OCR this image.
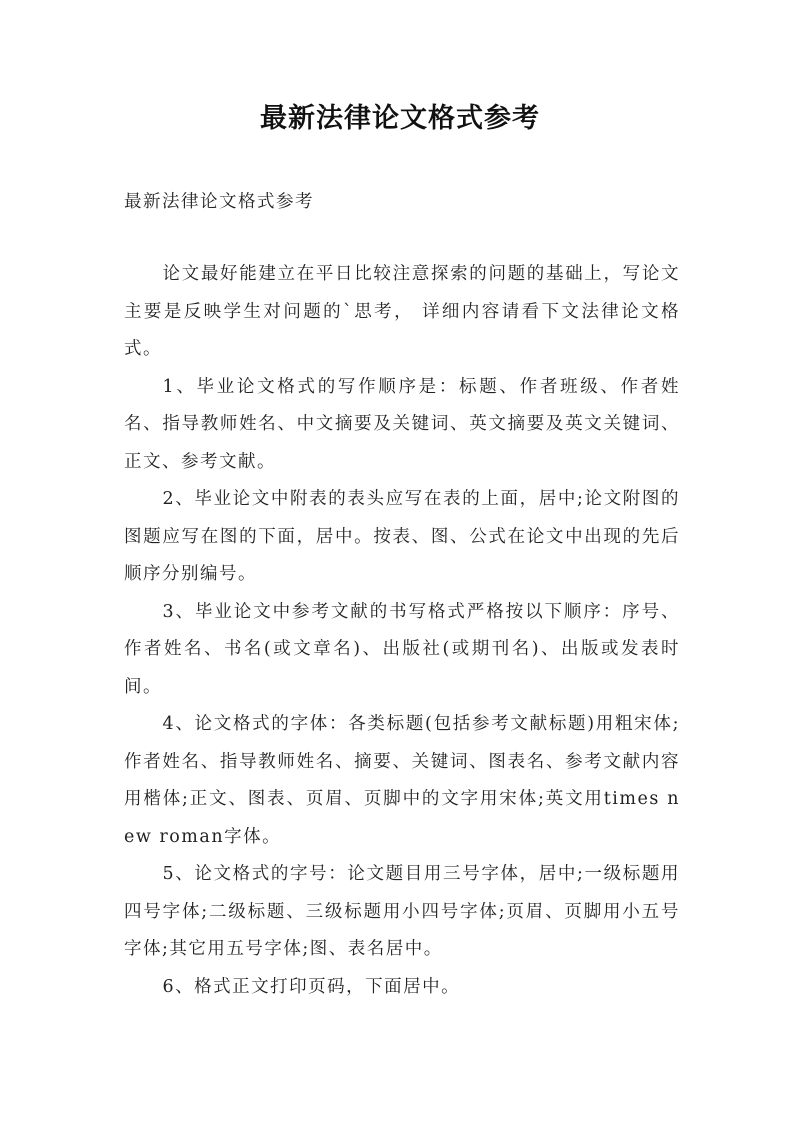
最新法律论文格式参考

最新法律论文格式参考

论文最好能建立在平日比较注意探索的问题的基础上，写论文主要是反映学生对问题的`思考， 详细内容请看下文法律论文格式。

1、毕业论文格式的写作顺序是：标题、作者班级、作者姓名、指导教师姓名、中文摘要及关键词、英文摘要及英文关键词、正文、参考文献。

2、毕业论文中附表的表头应写在表的上面，居中;论文附图的图题应写在图的下面，居中。按表、图、公式在论文中出现的先后顺序分别编号。

3、毕业论文中参考文献的书写格式严格按以下顺序：序号、作者姓名、书名(或文章名)、出版社(或期刊名)、出版或发表时间。

4、论文格式的字体：各类标题(包括参考文献标题)用粗宋体;作者姓名、指导教师姓名、摘要、关键词、图表名、参考文献内容用楷体;正文、图表、页眉、页脚中的文字用宋体;英文用times new roman字体。

5、论文格式的字号：论文题目用三号字体，居中;一级标题用四号字体;二级标题、三级标题用小四号字体;页眉、页脚用小五号字体;其它用五号字体;图、表名居中。

6、格式正文打印页码，下面居中。
